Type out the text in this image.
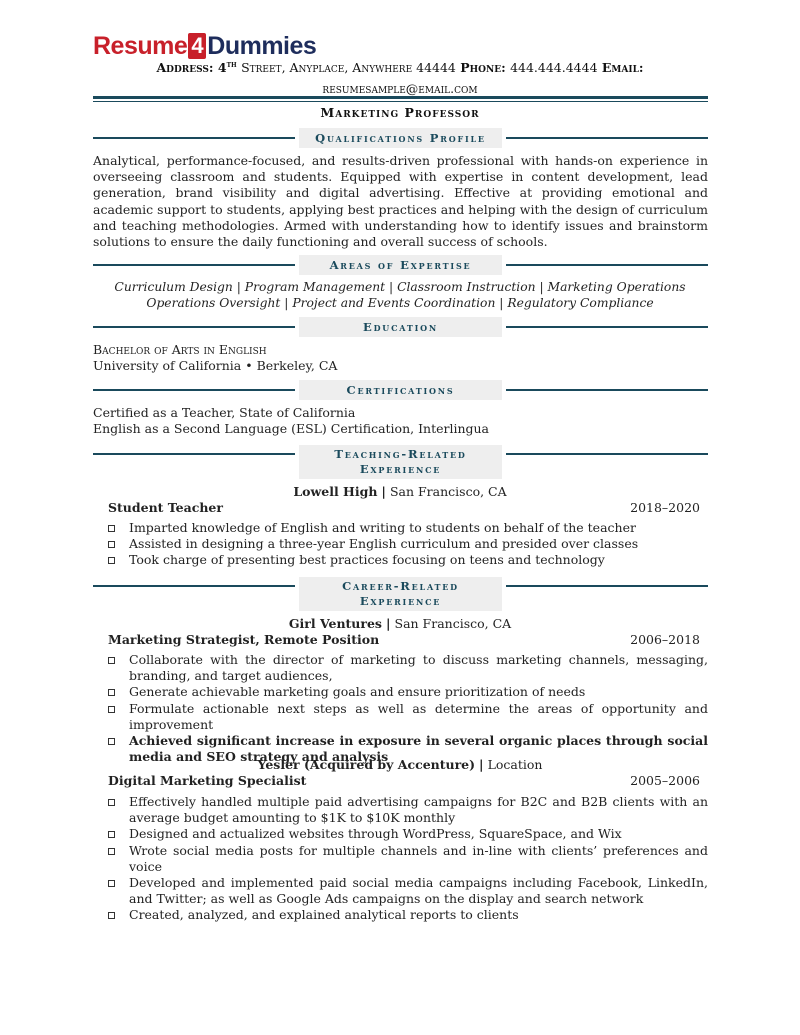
Resume 4 Dummies
Address: 4th Street, Anyplace, Anywhere 44444 Phone: 444.444.4444 Email:
resumesample@email.com
Marketing Professor
Qualifications Profile
Analytical, performance-focused, and results-driven professional with hands-on experience in overseeing classroom and students. Equipped with expertise in content development, lead generation, brand visibility and digital advertising. Effective at providing emotional and academic support to students, applying best practices and helping with the design of curriculum and teaching methodologies. Armed with understanding how to identify issues and brainstorm solutions to ensure the daily functioning and overall success of schools.
Areas of Expertise
Curriculum Design | Program Management | Classroom Instruction | Marketing Operations
Operations Oversight | Project and Events Coordination | Regulatory Compliance
Education
Bachelor of Arts in English
University of California • Berkeley, CA
Certifications
Certified as a Teacher, State of California
English as a Second Language (ESL) Certification, Interlingua
Teaching-Related
Experience
Lowell High | San Francisco, CA
Student Teacher	2018–2020
Imparted knowledge of English and writing to students on behalf of the teacher
Assisted in designing a three-year English curriculum and presided over classes
Took charge of presenting best practices focusing on teens and technology
Career-Related
Experience
Girl Ventures | San Francisco, CA
Marketing Strategist, Remote Position	2006–2018
Collaborate with the director of marketing to discuss marketing channels, messaging, branding, and target audiences,
Generate achievable marketing goals and ensure prioritization of needs
Formulate actionable next steps as well as determine the areas of opportunity and improvement
Achieved significant increase in exposure in several organic places through social media and SEO strategy and analysis
Yesler (Acquired by Accenture) | Location
Digital Marketing Specialist	2005–2006
Effectively handled multiple paid advertising campaigns for B2C and B2B clients with an average budget amounting to $1K to $10K monthly
Designed and actualized websites through WordPress, SquareSpace, and Wix
Wrote social media posts for multiple channels and in-line with clients’ preferences and voice
Developed and implemented paid social media campaigns including Facebook, LinkedIn, and Twitter; as well as Google Ads campaigns on the display and search network
Created, analyzed, and explained analytical reports to clients
